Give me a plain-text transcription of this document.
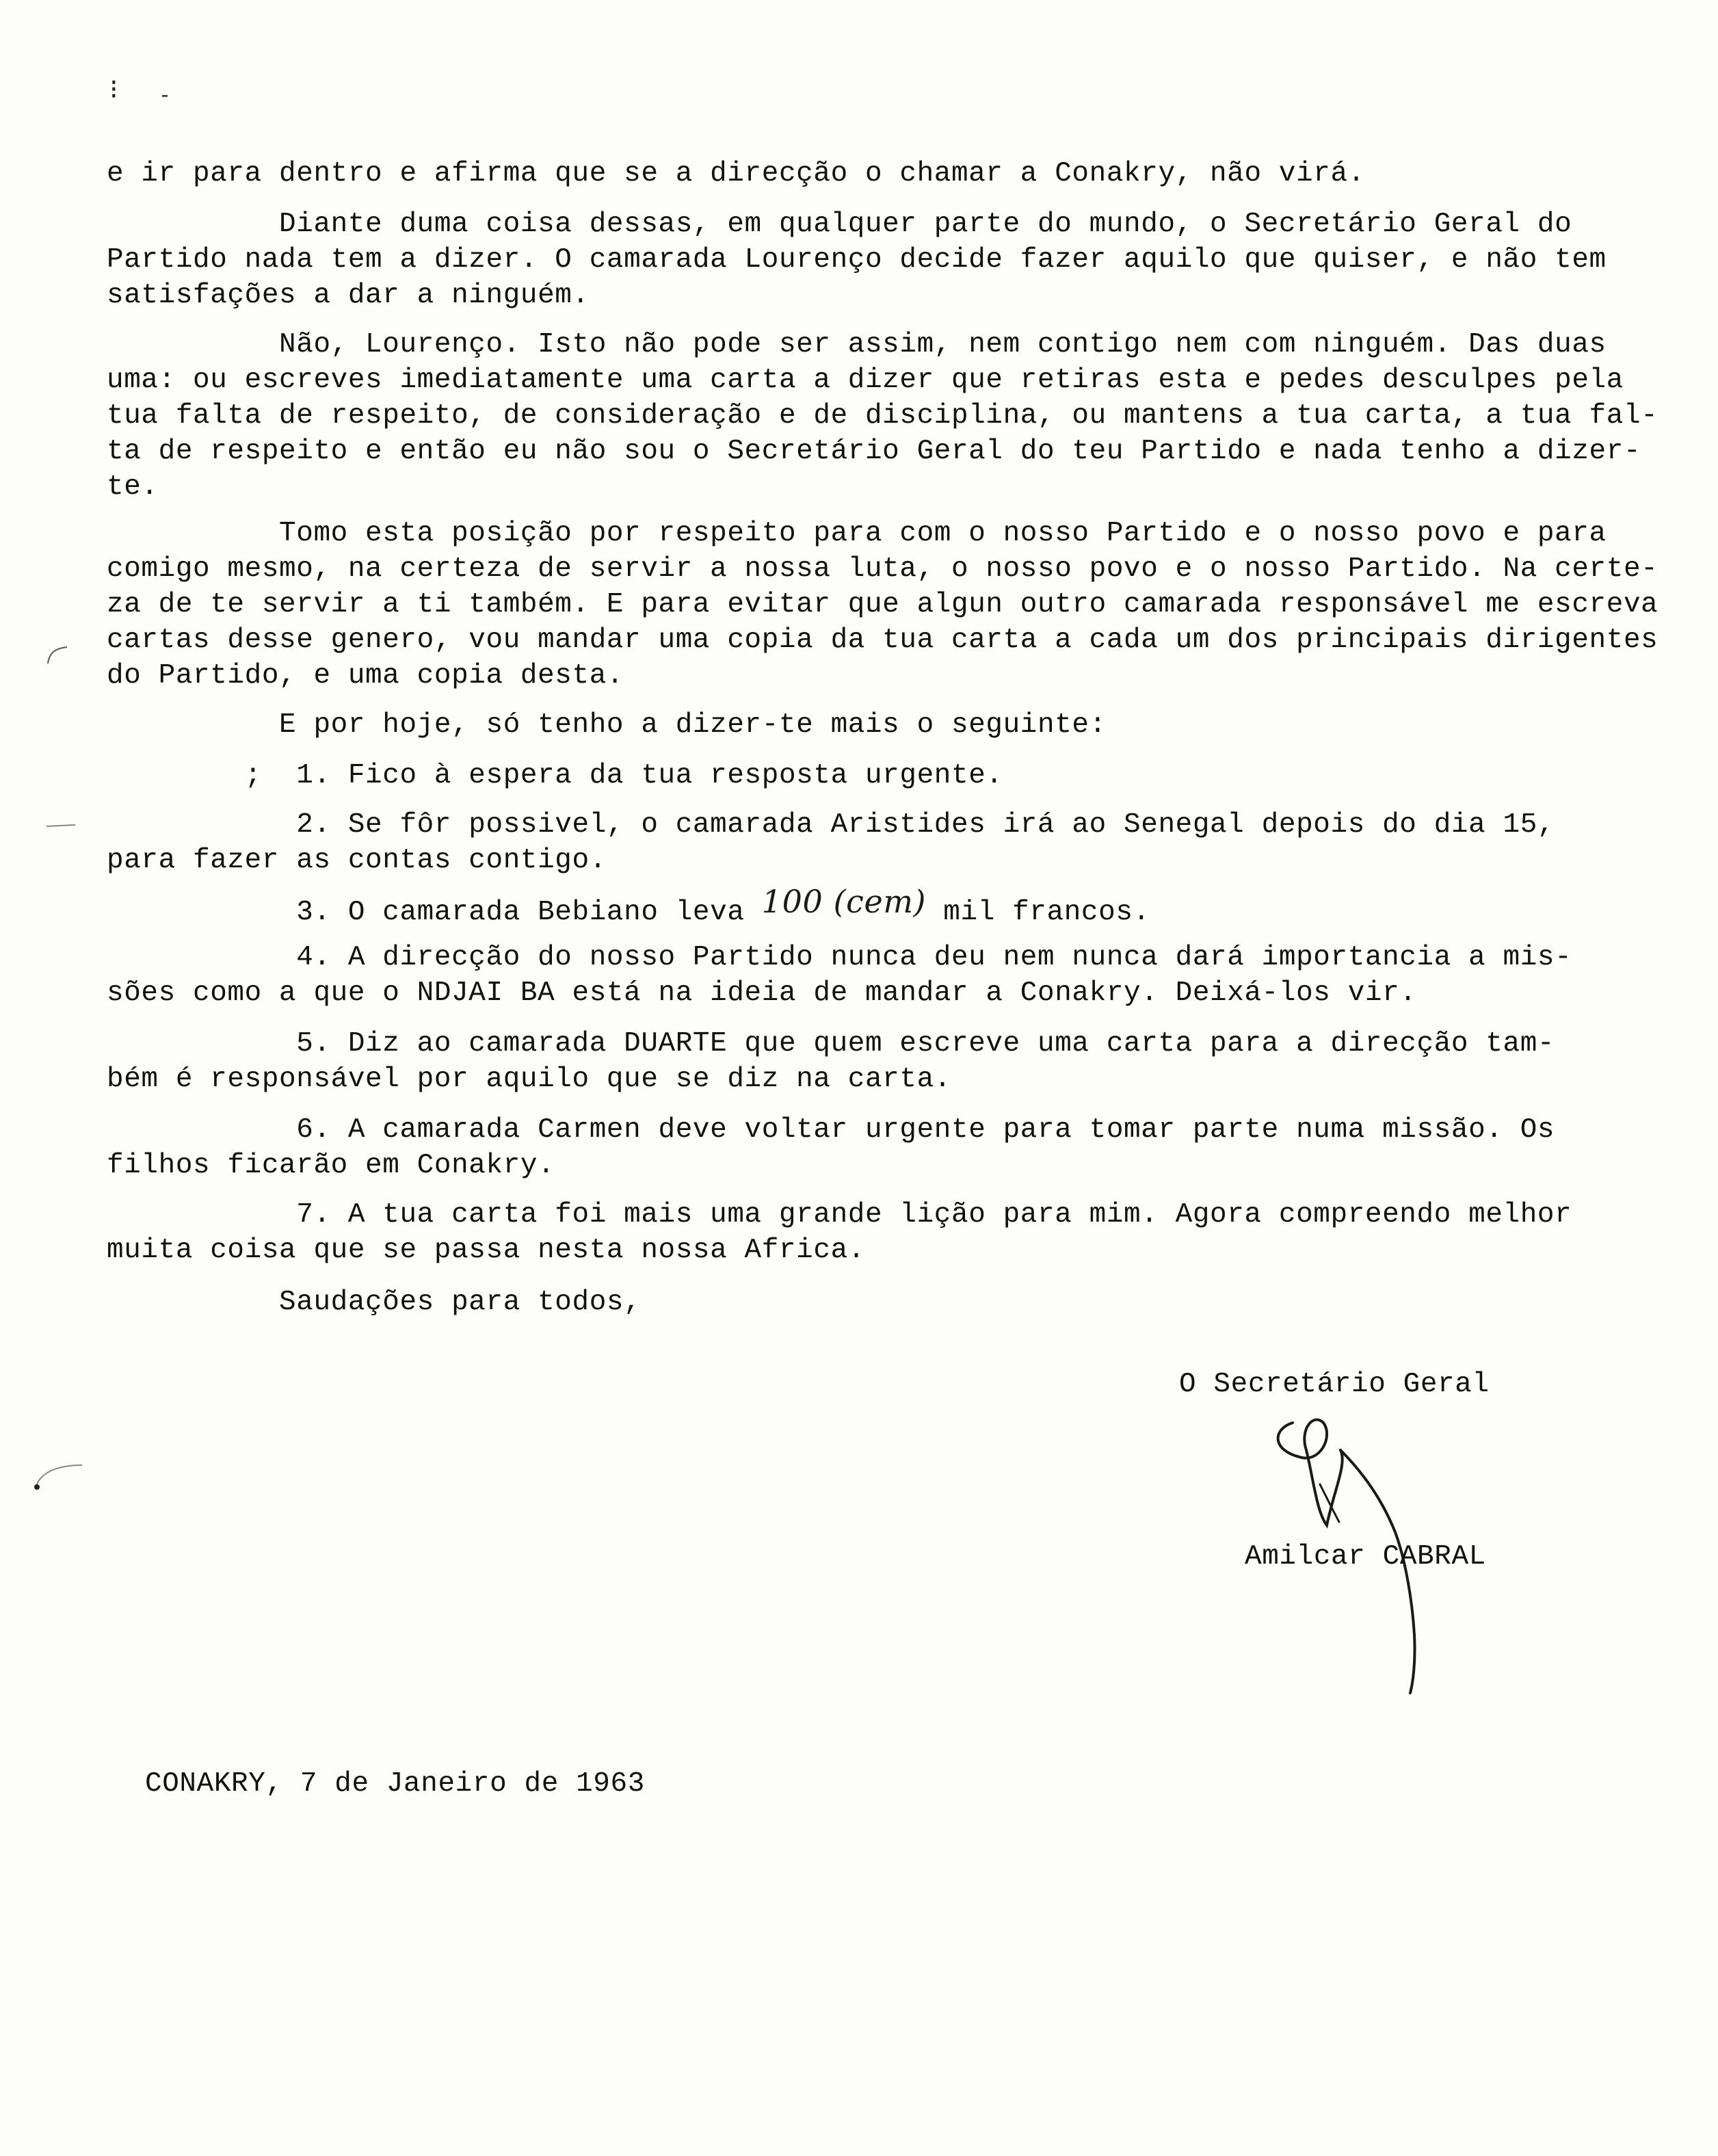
⁝ -
e ir para dentro e afirma que se a direcção o chamar a Conakry, não virá.
Diante duma coisa dessas, em qualquer parte do mundo, o Secretário Geral do
Partido nada tem a dizer. O camarada Lourenço decide fazer aquilo que quiser, e não tem
satisfações a dar a ninguém.
Não, Lourenço. Isto não pode ser assim, nem contigo nem com ninguém. Das duas
uma: ou escreves imediatamente uma carta a dizer que retiras esta e pedes desculpes pela
tua falta de respeito, de consideração e de disciplina, ou mantens a tua carta, a tua fal-
ta de respeito e então eu não sou o Secretário Geral do teu Partido e nada tenho a dizer-
te.
Tomo esta posição por respeito para com o nosso Partido e o nosso povo e para
comigo mesmo, na certeza de servir a nossa luta, o nosso povo e o nosso Partido. Na certe-
za de te servir a ti também. E para evitar que algun outro camarada responsável me escreva
cartas desse genero, vou mandar uma copia da tua carta a cada um dos principais dirigentes
do Partido, e uma copia desta.
E por hoje, só tenho a dizer-te mais o seguinte:
;  1. Fico à espera da tua resposta urgente.
2. Se fôr possivel, o camarada Aristides irá ao Senegal depois do dia 15,
para fazer as contas contigo.
3. O camarada Bebiano leva 100 (cem) mil francos.
4. A direcção do nosso Partido nunca deu nem nunca dará importancia a mis-
sões como a que o NDJAI BA está na ideia de mandar a Conakry. Deixá-los vir.
5. Diz ao camarada DUARTE que quem escreve uma carta para a direcção tam-
bém é responsável por aquilo que se diz na carta.
6. A camarada Carmen deve voltar urgente para tomar parte numa missão. Os
filhos ficarão em Conakry.
7. A tua carta foi mais uma grande lição para mim. Agora compreendo melhor
muita coisa que se passa nesta nossa Africa.
Saudações para todos,
O Secretário Geral
Amilcar CABRAL
CONAKRY, 7 de Janeiro de 1963
